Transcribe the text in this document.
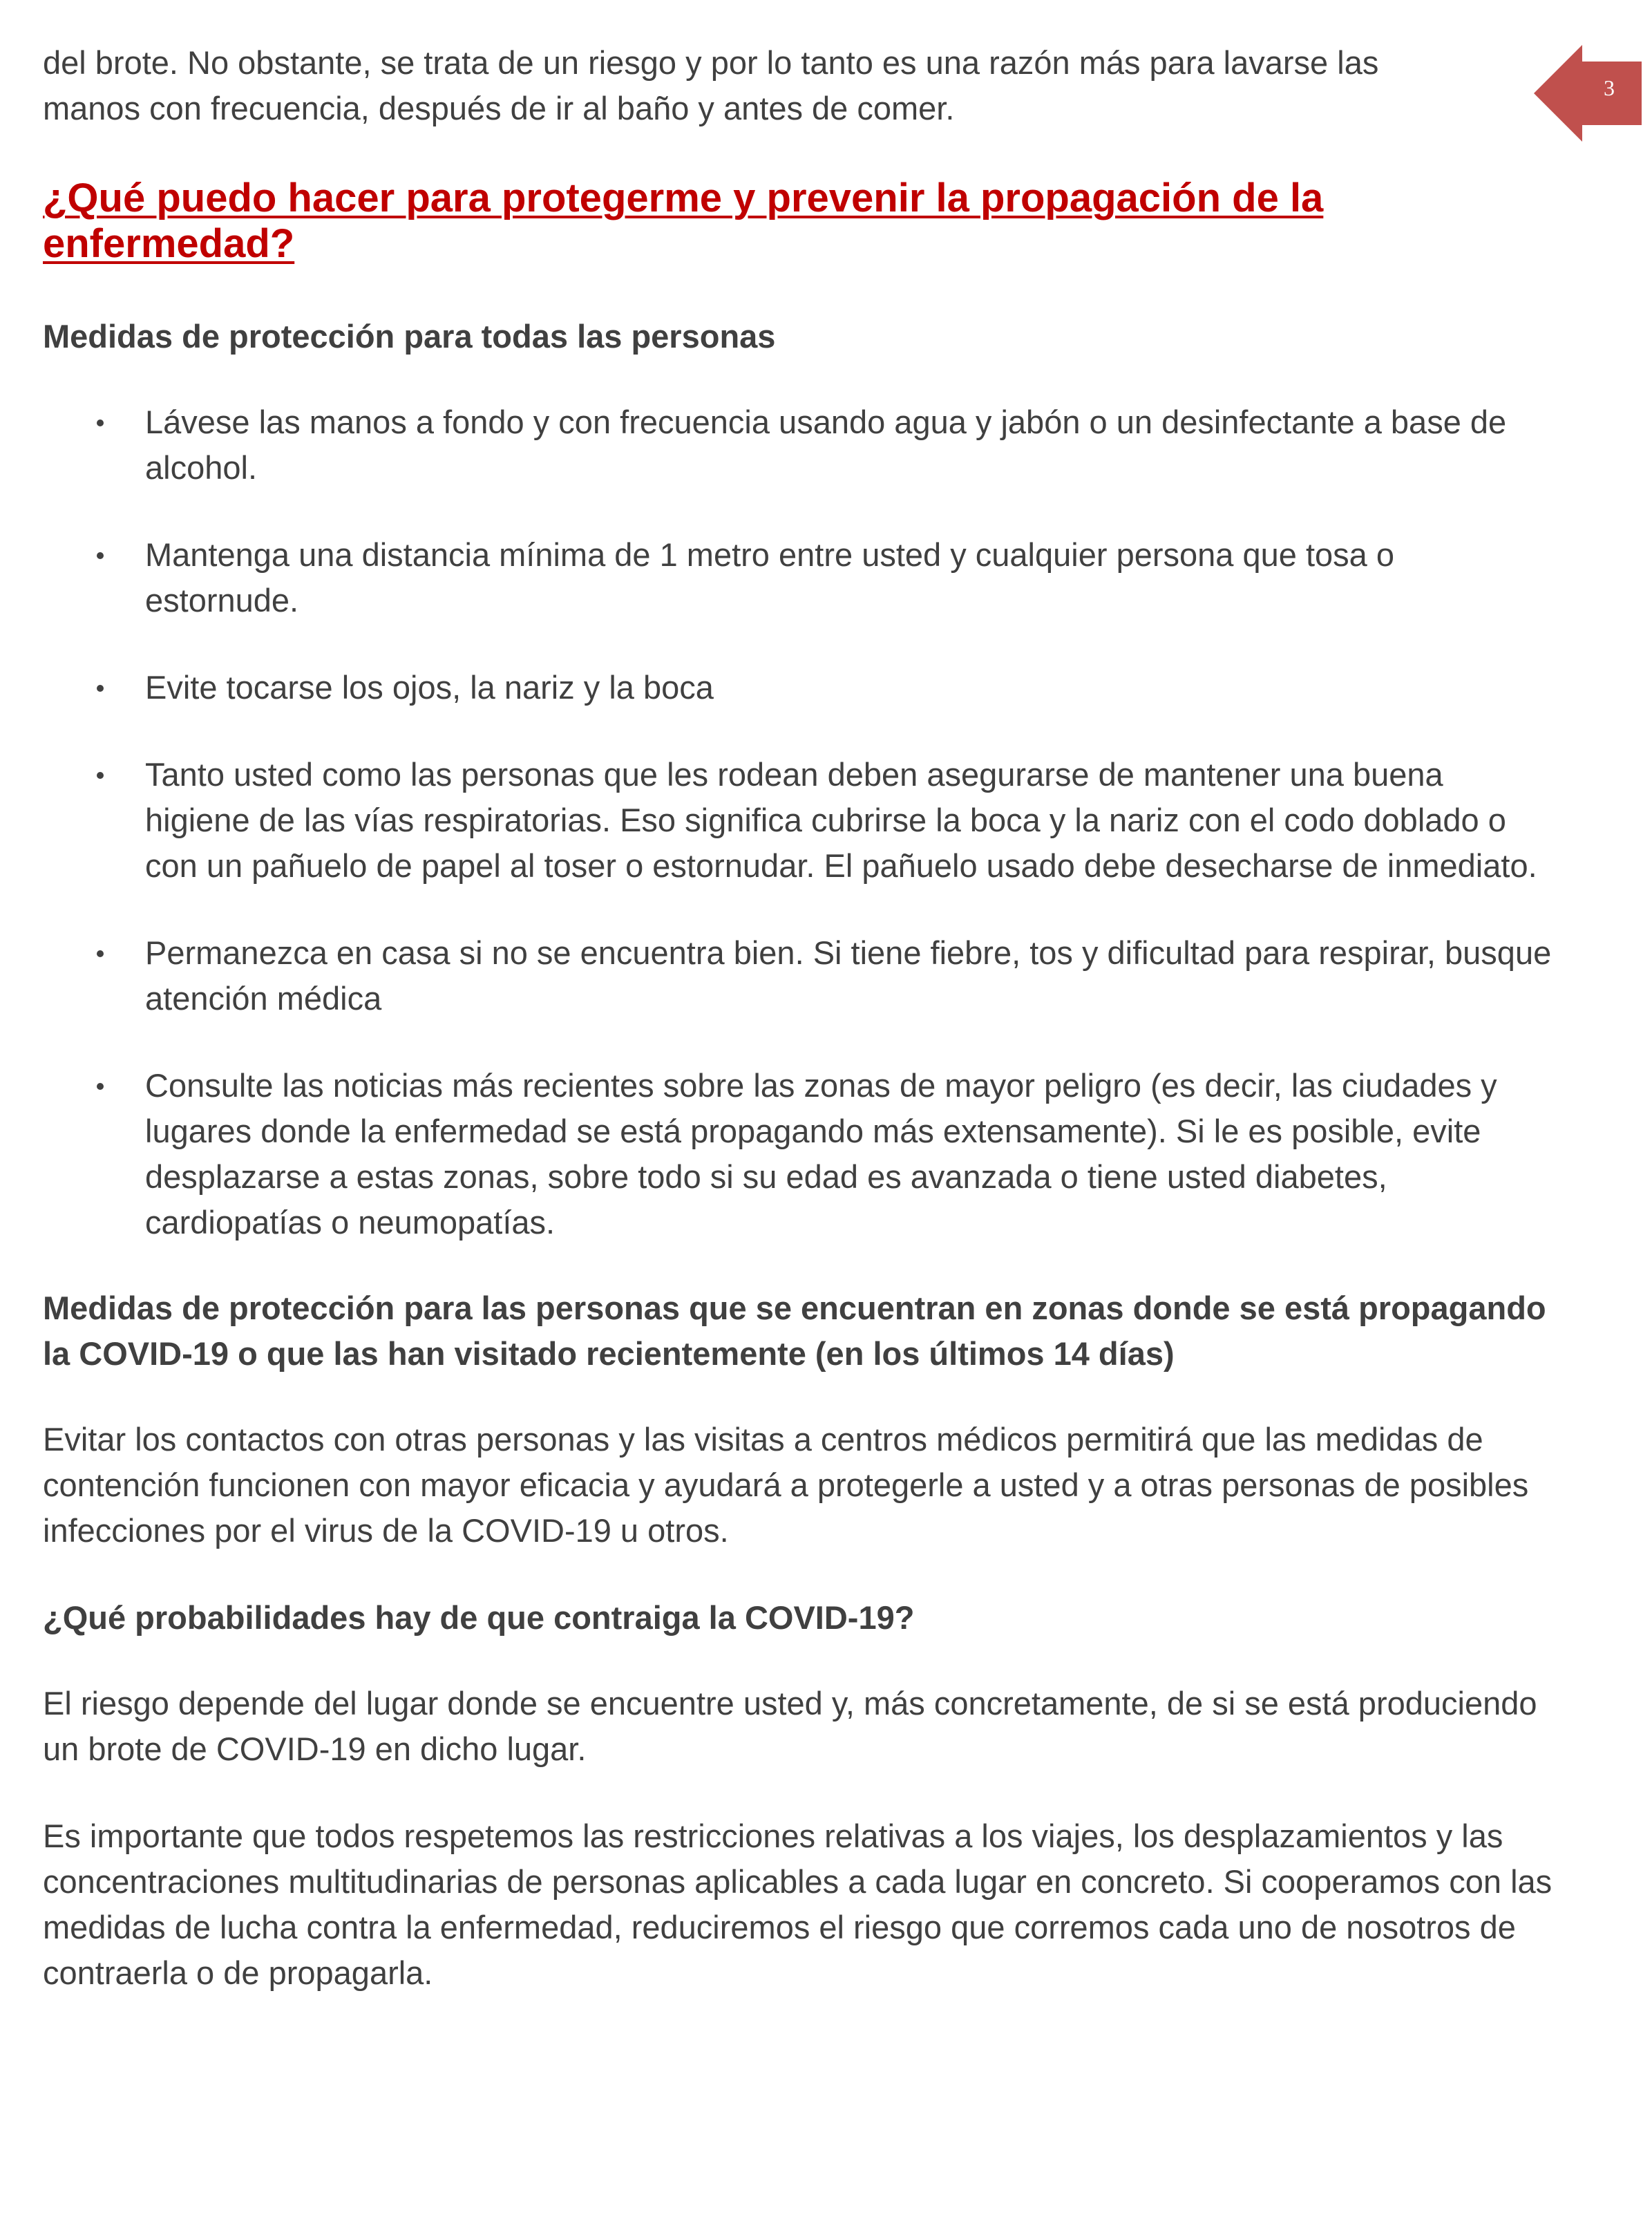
3

del brote. No obstante, se trata de un riesgo y por lo tanto es una razón más para lavarse las manos con frecuencia, después de ir al baño y antes de comer.

¿Qué puedo hacer para protegerme y prevenir la propagación de la enfermedad?

Medidas de protección para todas las personas

Lávese las manos a fondo y con frecuencia usando agua y jabón o un desinfectante a base de alcohol.
Mantenga una distancia mínima de 1 metro entre usted y cualquier persona que tosa o estornude.
Evite tocarse los ojos, la nariz y la boca
Tanto usted como las personas que les rodean deben asegurarse de mantener una buena higiene de las vías respiratorias. Eso significa cubrirse la boca y la nariz con el codo doblado o con un pañuelo de papel al toser o estornudar. El pañuelo usado debe desecharse de inmediato.
Permanezca en casa si no se encuentra bien. Si tiene fiebre, tos y dificultad para respirar, busque atención médica
Consulte las noticias más recientes sobre las zonas de mayor peligro (es decir, las ciudades y lugares donde la enfermedad se está propagando más extensamente). Si le es posible, evite desplazarse a estas zonas, sobre todo si su edad es avanzada o tiene usted diabetes, cardiopatías o neumopatías.

Medidas de protección para las personas que se encuentran en zonas donde se está propagando la COVID-19 o que las han visitado recientemente (en los últimos 14 días)

Evitar los contactos con otras personas y las visitas a centros médicos permitirá que las medidas de contención funcionen con mayor eficacia y ayudará a protegerle a usted y a otras personas de posibles infecciones por el virus de la COVID-19 u otros.

¿Qué probabilidades hay de que contraiga la COVID-19?

El riesgo depende del lugar donde se encuentre usted y, más concretamente, de si se está produciendo un brote de COVID-19 en dicho lugar.

Es importante que todos respetemos las restricciones relativas a los viajes, los desplazamientos y las concentraciones multitudinarias de personas aplicables a cada lugar en concreto. Si cooperamos con las medidas de lucha contra la enfermedad, reduciremos el riesgo que corremos cada uno de nosotros de contraerla o de propagarla.
